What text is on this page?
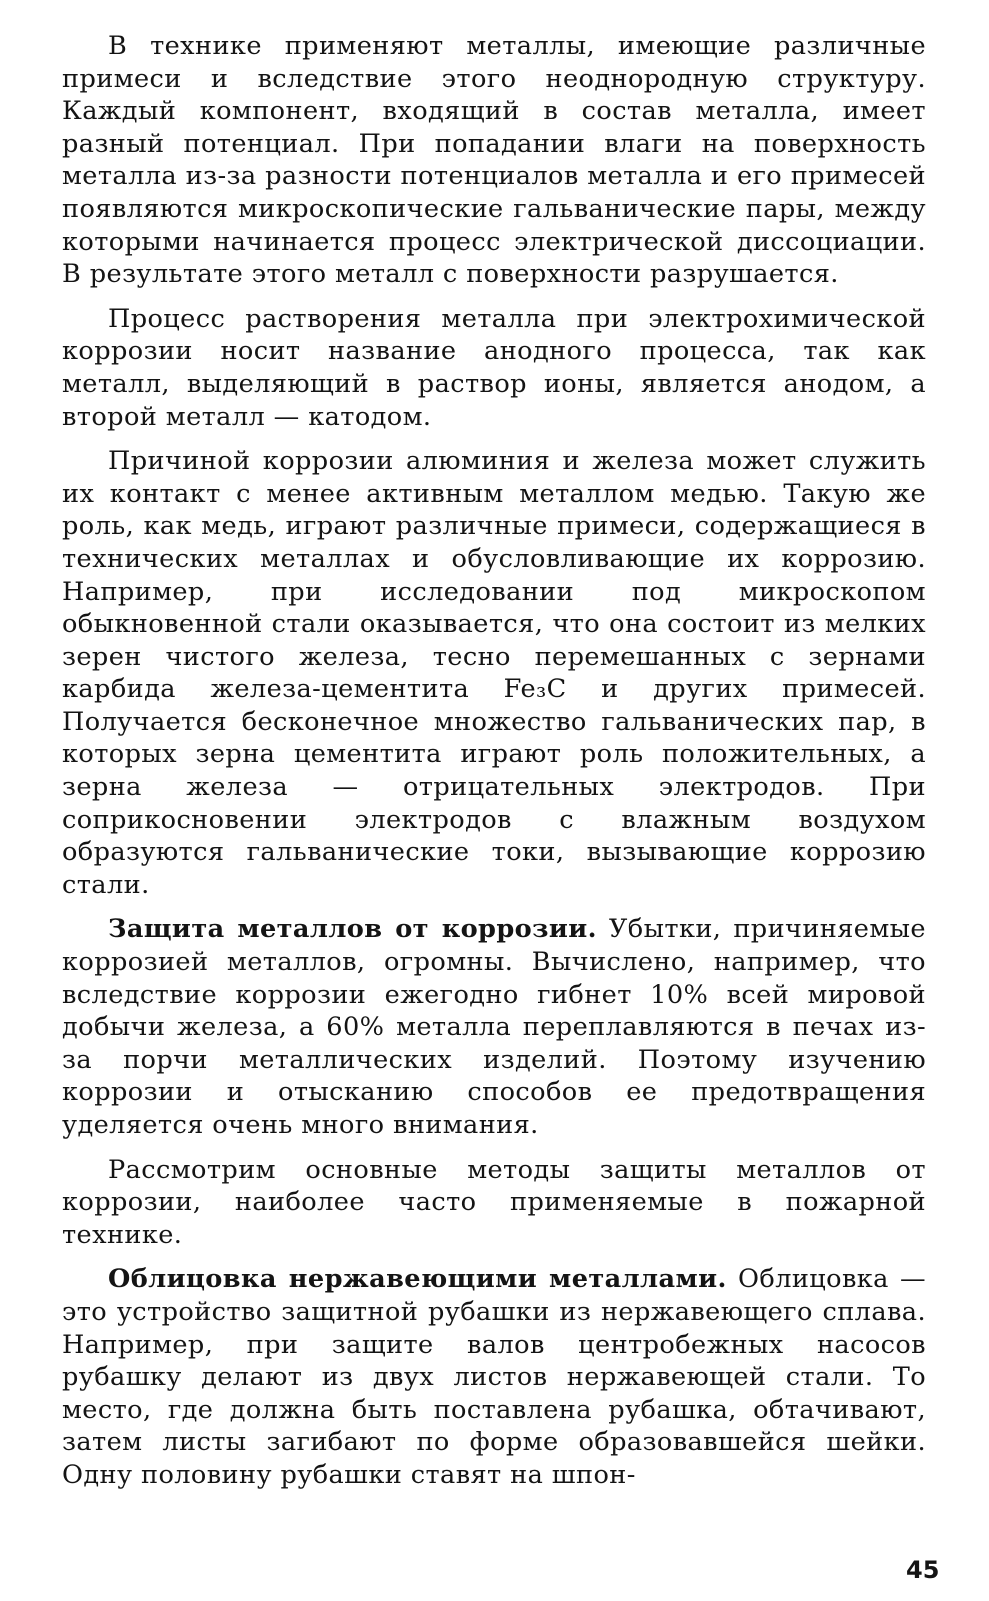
В технике применяют металлы, имеющие различные примеси и вследствие этого неоднородную структуру. Каждый компонент, входящий в состав металла, имеет разный потенциал. При попадании влаги на поверхность металла из-за разности потенциалов металла и его примесей появляются микроскопические гальванические пары, между которыми начинается процесс электрической диссоциации. В результате этого металл с поверхности разрушается.

Процесс растворения металла при электрохимической коррозии носит название анодного процесса, так как металл, выделяющий в раствор ионы, является анодом, а второй металл — катодом.

Причиной коррозии алюминия и железа может служить их контакт с менее активным металлом медью. Такую же роль, как медь, играют различные примеси, содержащиеся в технических металлах и обусловливающие их коррозию. Например, при исследовании под микроскопом обыкновенной стали оказывается, что она состоит из мелких зерен чистого железа, тесно перемешанных с зернами карбида железа-цементита Fe₃C и других примесей. Получается бесконечное множество гальванических пар, в которых зерна цементита играют роль положительных, а зерна железа — отрицательных электродов. При соприкосновении электродов с влажным воздухом образуются гальванические токи, вызывающие коррозию стали.

Защита металлов от коррозии. Убытки, причиняемые коррозией металлов, огромны. Вычислено, например, что вследствие коррозии ежегодно гибнет 10% всей мировой добычи железа, а 60% металла переплавляются в печах из-за порчи металлических изделий. Поэтому изучению коррозии и отысканию способов ее предотвращения уделяется очень много внимания.

Рассмотрим основные методы защиты металлов от коррозии, наиболее часто применяемые в пожарной технике.

Облицовка нержавеющими металлами. Облицовка — это устройство защитной рубашки из нержавеющего сплава. Например, при защите валов центробежных насосов рубашку делают из двух листов нержавеющей стали. То место, где должна быть поставлена рубашка, обтачивают, затем листы загибают по форме образовавшейся шейки. Одну половину рубашки ставят на шпон-

45
